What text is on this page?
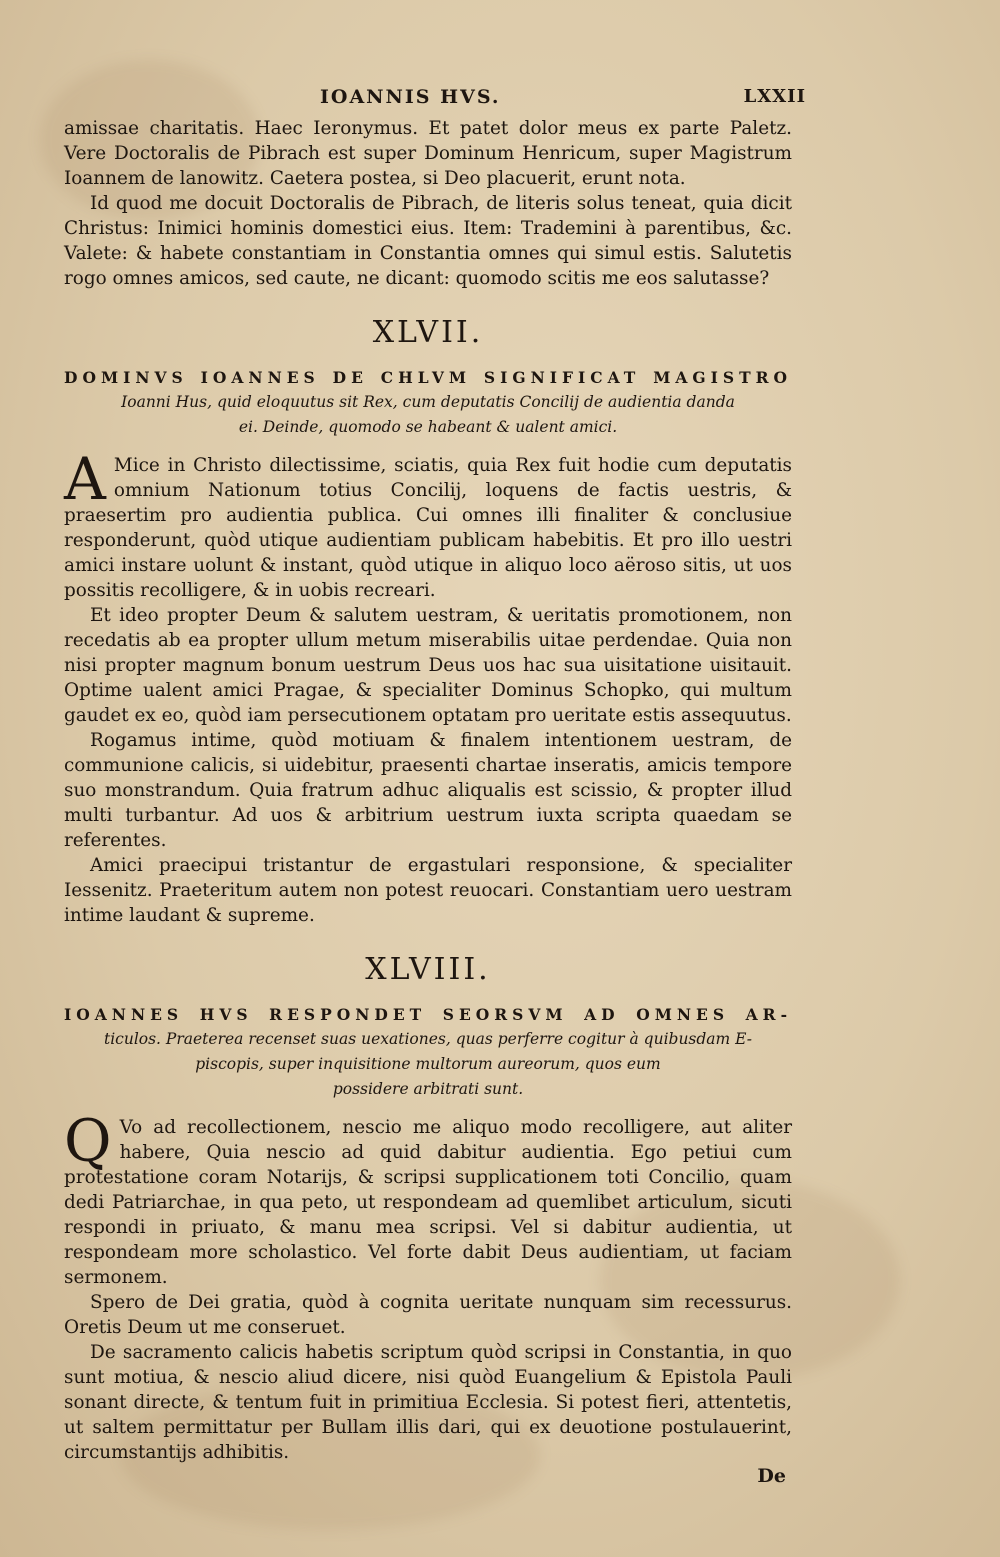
IOANNIS HVS.	LXXII

amissae charitatis. Haec Ieronymus. Et patet dolor meus ex parte Paletz. Vere Doctoralis de Pibrach est super Dominum Henricum, super Magistrum Ioannem de lanowitz. Caetera postea, si Deo placuerit, erunt nota.

Id quod me docuit Doctoralis de Pibrach, de literis solus teneat, quia dicit Christus: Inimici hominis domestici eius. Item: Trademini à parentibus, &c. Valete: & habete constantiam in Constantia omnes qui simul estis. Salutetis rogo omnes amicos, sed caute, ne dicant: quomodo scitis me eos salutasse?

XLVII.
DOMINVS IOANNES DE CHLVM SIGNIFICAT MAGISTRO
Ioanni Hus, quid eloquutus sit Rex, cum deputatis Concilij de audientia danda
ei. Deinde, quomodo se habeant & ualent amici.

A Mice in Christo dilectissime, sciatis, quia Rex fuit hodie cum deputatis omnium Nationum totius Concilij, loquens de factis uestris, & praesertim pro audientia publica. Cui omnes illi finaliter & conclusiue responderunt, quòd utique audientiam publicam habebitis. Et pro illo uestri amici instare uolunt & instant, quòd utique in aliquo loco aëroso sitis, ut uos possitis recolligere, & in uobis recreari.

Et ideo propter Deum & salutem uestram, & ueritatis promotionem, non recedatis ab ea propter ullum metum miserabilis uitae perdendae. Quia non nisi propter magnum bonum uestrum Deus uos hac sua uisitatione uisitauit. Optime ualent amici Pragae, & specialiter Dominus Schopko, qui multum gaudet ex eo, quòd iam persecutionem optatam pro ueritate estis assequutus.

Rogamus intime, quòd motiuam & finalem intentionem uestram, de communione calicis, si uidebitur, praesenti chartae inseratis, amicis tempore suo monstrandum. Quia fratrum adhuc aliqualis est scissio, & propter illud multi turbantur. Ad uos & arbitrium uestrum iuxta scripta quaedam se referentes.

Amici praecipui tristantur de ergastulari responsione, & specialiter Iessenitz. Praeteritum autem non potest reuocari. Constantiam uero uestram intime laudant & supreme.

XLVIII.
IOANNES HVS RESPONDET SEORSVM AD OMNES AR-
ticulos. Praeterea recenset suas uexationes, quas perferre cogitur à quibusdam E-
piscopis, super inquisitione multorum aureorum, quos eum
possidere arbitrati sunt.

Q Vo ad recollectionem, nescio me aliquo modo recolligere, aut aliter habere, Quia nescio ad quid dabitur audientia. Ego petiui cum protestatione coram Notarijs, & scripsi supplicationem toti Concilio, quam dedi Patriarchae, in qua peto, ut respondeam ad quemlibet articulum, sicuti respondi in priuato, & manu mea scripsi. Vel si dabitur audientia, ut respondeam more scholastico. Vel forte dabit Deus audientiam, ut faciam sermonem.

Spero de Dei gratia, quòd à cognita ueritate nunquam sim recessurus. Oretis Deum ut me conseruet.

De sacramento calicis habetis scriptum quòd scripsi in Constantia, in quo sunt motiua, & nescio aliud dicere, nisi quòd Euangelium & Epistola Pauli sonant directe, & tentum fuit in primitiua Ecclesia. Si potest fieri, attentetis, ut saltem permittatur per Bullam illis dari, qui ex deuotione postulauerint, circumstantijs adhibitis.

De
